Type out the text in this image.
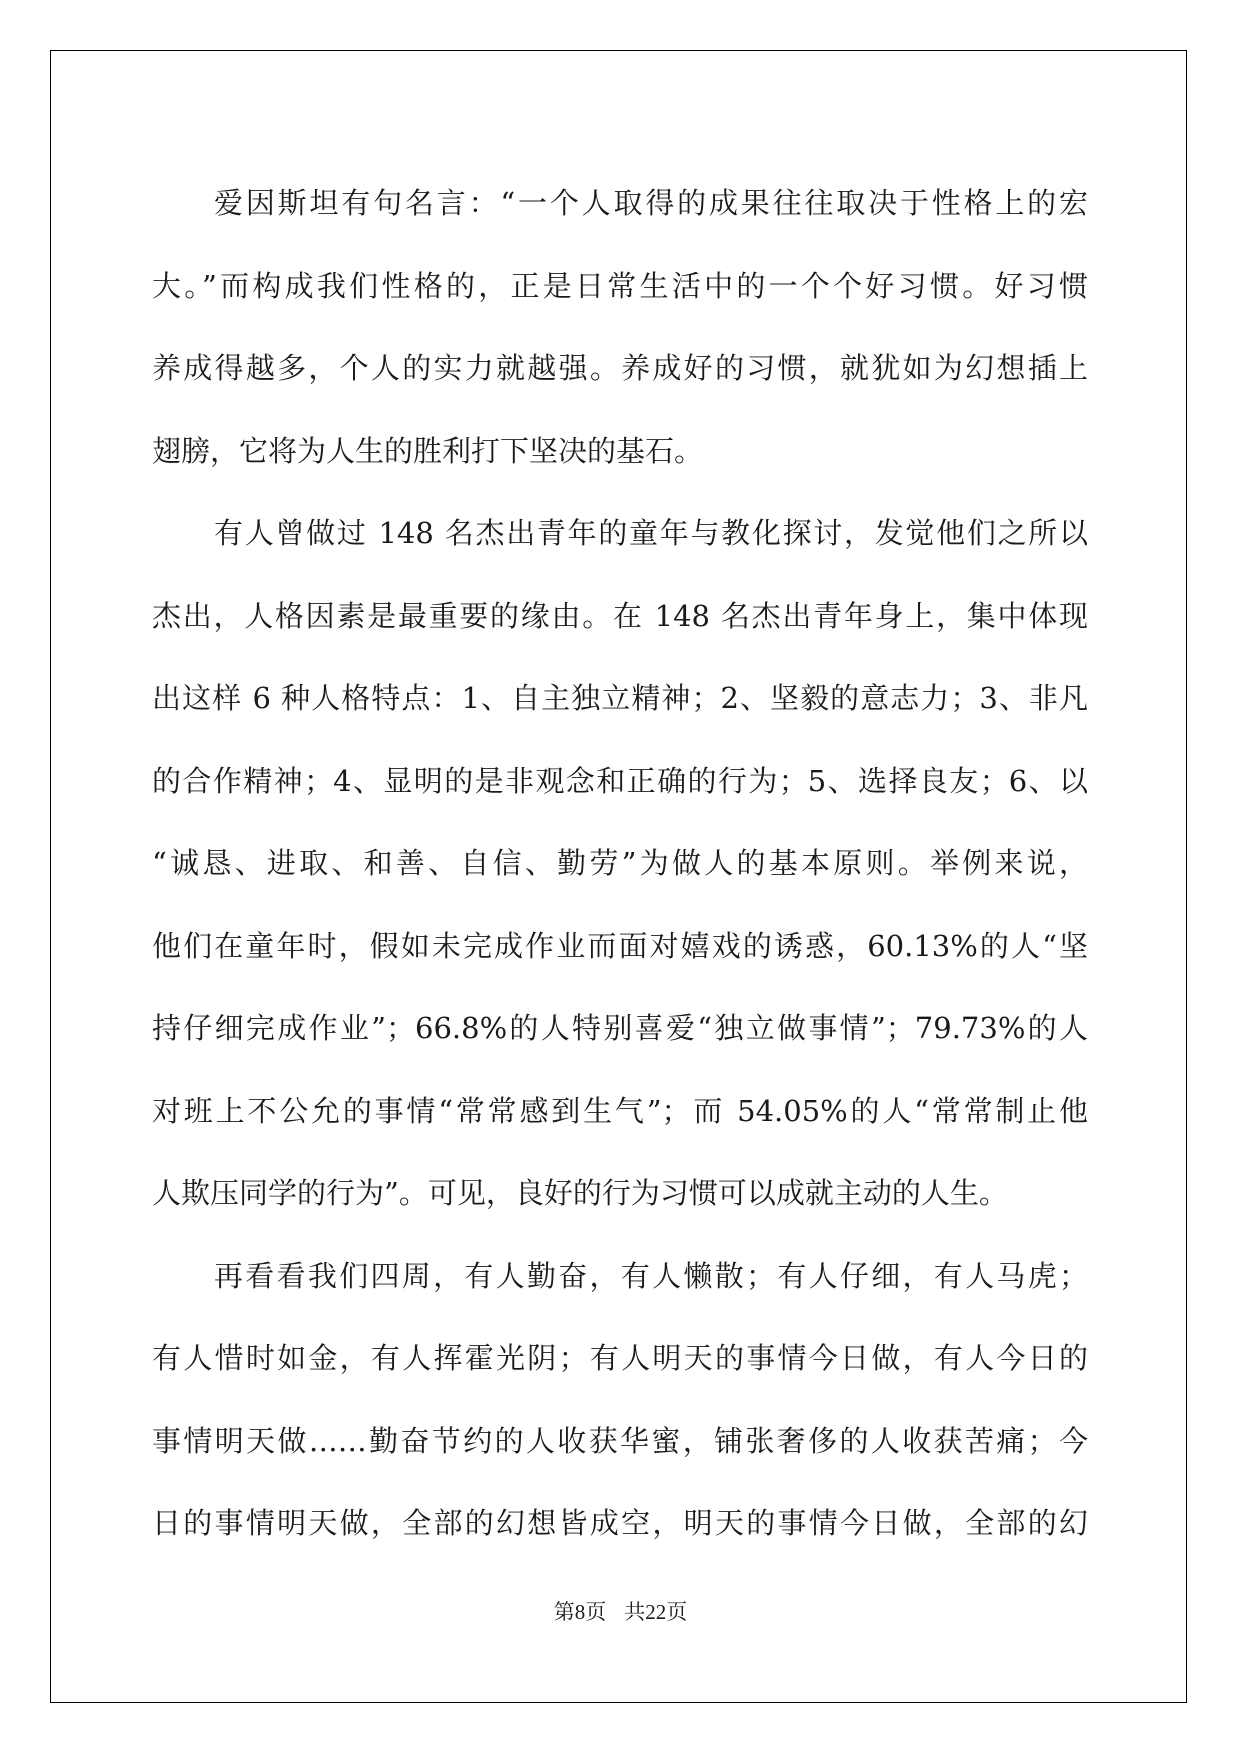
爱因斯坦有句名言：“一个人取得的成果往往取决于性格上的宏
大。”而构成我们性格的，正是日常生活中的一个个好习惯。好习惯
养成得越多，个人的实力就越强。养成好的习惯，就犹如为幻想插上
翅膀，它将为人生的胜利打下坚决的基石。
有人曾做过 148 名杰出青年的童年与教化探讨，发觉他们之所以
杰出，人格因素是最重要的缘由。在 148 名杰出青年身上，集中体现
出这样 6 种人格特点：1、自主独立精神；2、坚毅的意志力；3、非凡
的合作精神；4、显明的是非观念和正确的行为；5、选择良友；6、以
“诚恳、进取、和善、自信、勤劳”为做人的基本原则。举例来说，
他们在童年时，假如未完成作业而面对嬉戏的诱惑，60.13%的人“坚
持仔细完成作业”；66.8%的人特别喜爱“独立做事情”；79.73%的人
对班上不公允的事情“常常感到生气”；而 54.05%的人“常常制止他
人欺压同学的行为”。可见，良好的行为习惯可以成就主动的人生。
再看看我们四周，有人勤奋，有人懒散；有人仔细，有人马虎；
有人惜时如金，有人挥霍光阴；有人明天的事情今日做，有人今日的
事情明天做……勤奋节约的人收获华蜜，铺张奢侈的人收获苦痛；今
日的事情明天做，全部的幻想皆成空，明天的事情今日做，全部的幻
第8页 共22页
